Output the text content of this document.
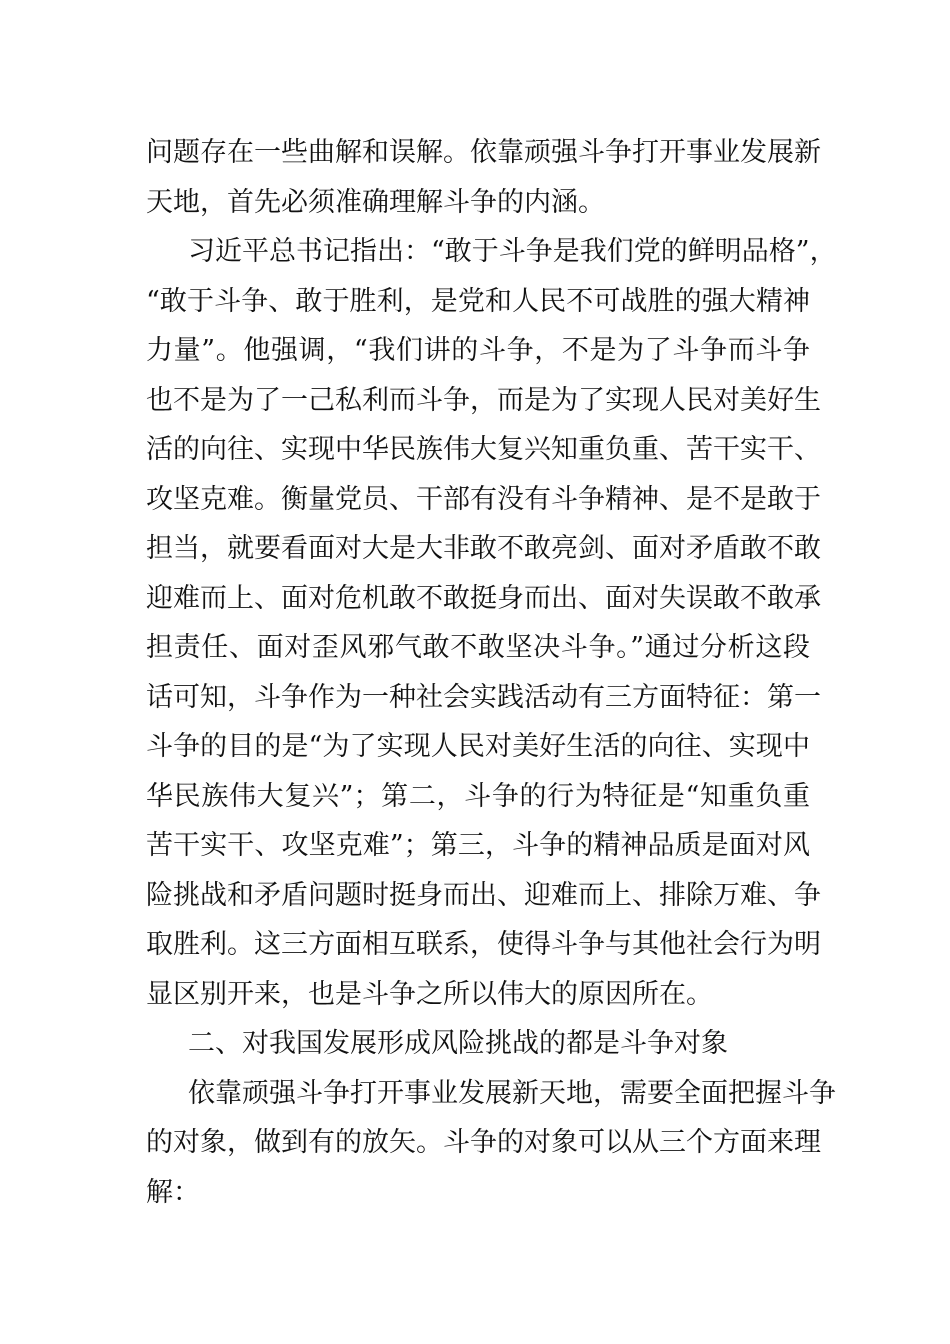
问题存在一些曲解和误解。依靠顽强斗争打开事业发展新
天地，首先必须准确理解斗争的内涵。
习近平总书记指出：“敢于斗争是我们党的鲜明品格”，
“敢于斗争、敢于胜利，是党和人民不可战胜的强大精神
力量”。他强调，“我们讲的斗争，不是为了斗争而斗争
也不是为了一己私利而斗争，而是为了实现人民对美好生
活的向往、实现中华民族伟大复兴知重负重、苦干实干、
攻坚克难。衡量党员、干部有没有斗争精神、是不是敢于
担当，就要看面对大是大非敢不敢亮剑、面对矛盾敢不敢
迎难而上、面对危机敢不敢挺身而出、面对失误敢不敢承
担责任、面对歪风邪气敢不敢坚决斗争。”通过分析这段
话可知，斗争作为一种社会实践活动有三方面特征：第一
斗争的目的是“为了实现人民对美好生活的向往、实现中
华民族伟大复兴”；第二，斗争的行为特征是“知重负重
苦干实干、攻坚克难”；第三，斗争的精神品质是面对风
险挑战和矛盾问题时挺身而出、迎难而上、排除万难、争
取胜利。这三方面相互联系，使得斗争与其他社会行为明
显区别开来，也是斗争之所以伟大的原因所在。
二、对我国发展形成风险挑战的都是斗争对象
依靠顽强斗争打开事业发展新天地，需要全面把握斗争
的对象，做到有的放矢。斗争的对象可以从三个方面来理
解：
